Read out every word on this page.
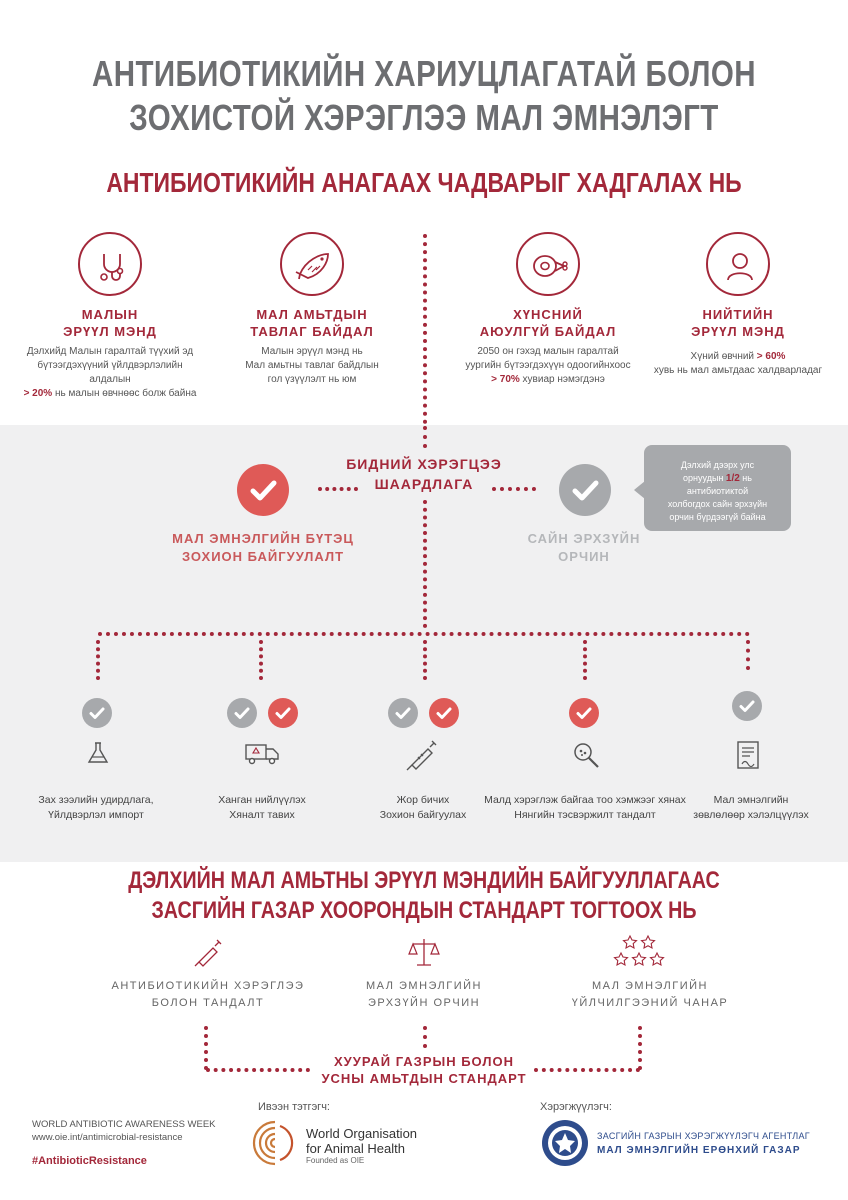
АНТИБИОТИКИЙН ХАРИУЦЛАГАТАЙ БОЛОН
ЗОХИСТОЙ ХЭРЭГЛЭЭ МАЛ ЭМНЭЛЭГТ
АНТИБИОТИКИЙН АНАГААХ ЧАДВАРЫГ ХАДГАЛАХ НЬ
МАЛЫН
ЭРҮҮЛ МЭНД
Дэлхийд Малын гаралтай түүхий эд
бүтээгдэхүүний үйлдвэрлэлийн алдалын
> 20% нь малын өвчнөөс болж байна
МАЛ АМЬТДЫН
ТАВЛАГ БАЙДАЛ
Малын эрүүл мэнд нь
Мал амьтны тавлаг байдлын
гол үзүүлэлт нь юм
ХҮНСНИЙ
АЮУЛГҮЙ БАЙДАЛ
2050 он гэхэд малын гаралтай
уургийн бүтээгдэхүүн одоогийнхоос
> 70% хувиар нэмэгдэнэ
НИЙТИЙН
ЭРҮҮЛ МЭНД
Хүний өвчний > 60%
хувь нь мал амьтдаас халдварладаг
БИДНИЙ ХЭРЭГЦЭЭ
ШААРДЛАГА
МАЛ ЭМНЭЛГИЙН БҮТЭЦ
ЗОХИОН БАЙГУУЛАЛТ
САЙН ЭРХЗҮЙН
ОРЧИН
Дэлхий дээрх улс
орнуудын 1/2 нь антибиотиктой
холбогдох сайн эрхзүйн
орчин бүрдээгүй байна
Зах зээлийн удирдлага,
Үйлдвэрлэл импорт
Ханган нийлүүлэх
Хяналт тавих
Жор бичих
Зохион байгуулах
Малд хэрэглэж байгаа тоо хэмжээг хянах
Нянгийн тэсвэржилт тандалт
Мал эмнэлгийн
зөвлөлөөр хэлэлцүүлэх
ДЭЛХИЙН МАЛ АМЬТНЫ ЭРҮҮЛ МЭНДИЙН БАЙГУУЛЛАГААС
ЗАСГИЙН ГАЗАР ХООРОНДЫН СТАНДАРТ ТОГТООХ НЬ
АНТИБИОТИКИЙН ХЭРЭГЛЭЭ
БОЛОН ТАНДАЛТ
МАЛ ЭМНЭЛГИЙН
ЭРХЗҮЙН ОРЧИН
МАЛ ЭМНЭЛГИЙН
ҮЙЛЧИЛГЭЭНИЙ ЧАНАР
ХУУРАЙ ГАЗРЫН БОЛОН
УСНЫ АМЬТДЫН СТАНДАРТ
WORLD ANTIBIOTIC AWARENESS WEEK
www.oie.int/antimicrobial-resistance
#AntibioticResistance
Ивээн тэтгэгч:
World Organisation
for Animal Health
Founded as OIE
Хэрэгжүүлэгч:
ЗАСГИЙН ГАЗРЫН ХЭРЭГЖҮҮЛЭГЧ АГЕНТЛАГ
МАЛ ЭМНЭЛГИЙН ЕРӨНХИЙ ГАЗАР
